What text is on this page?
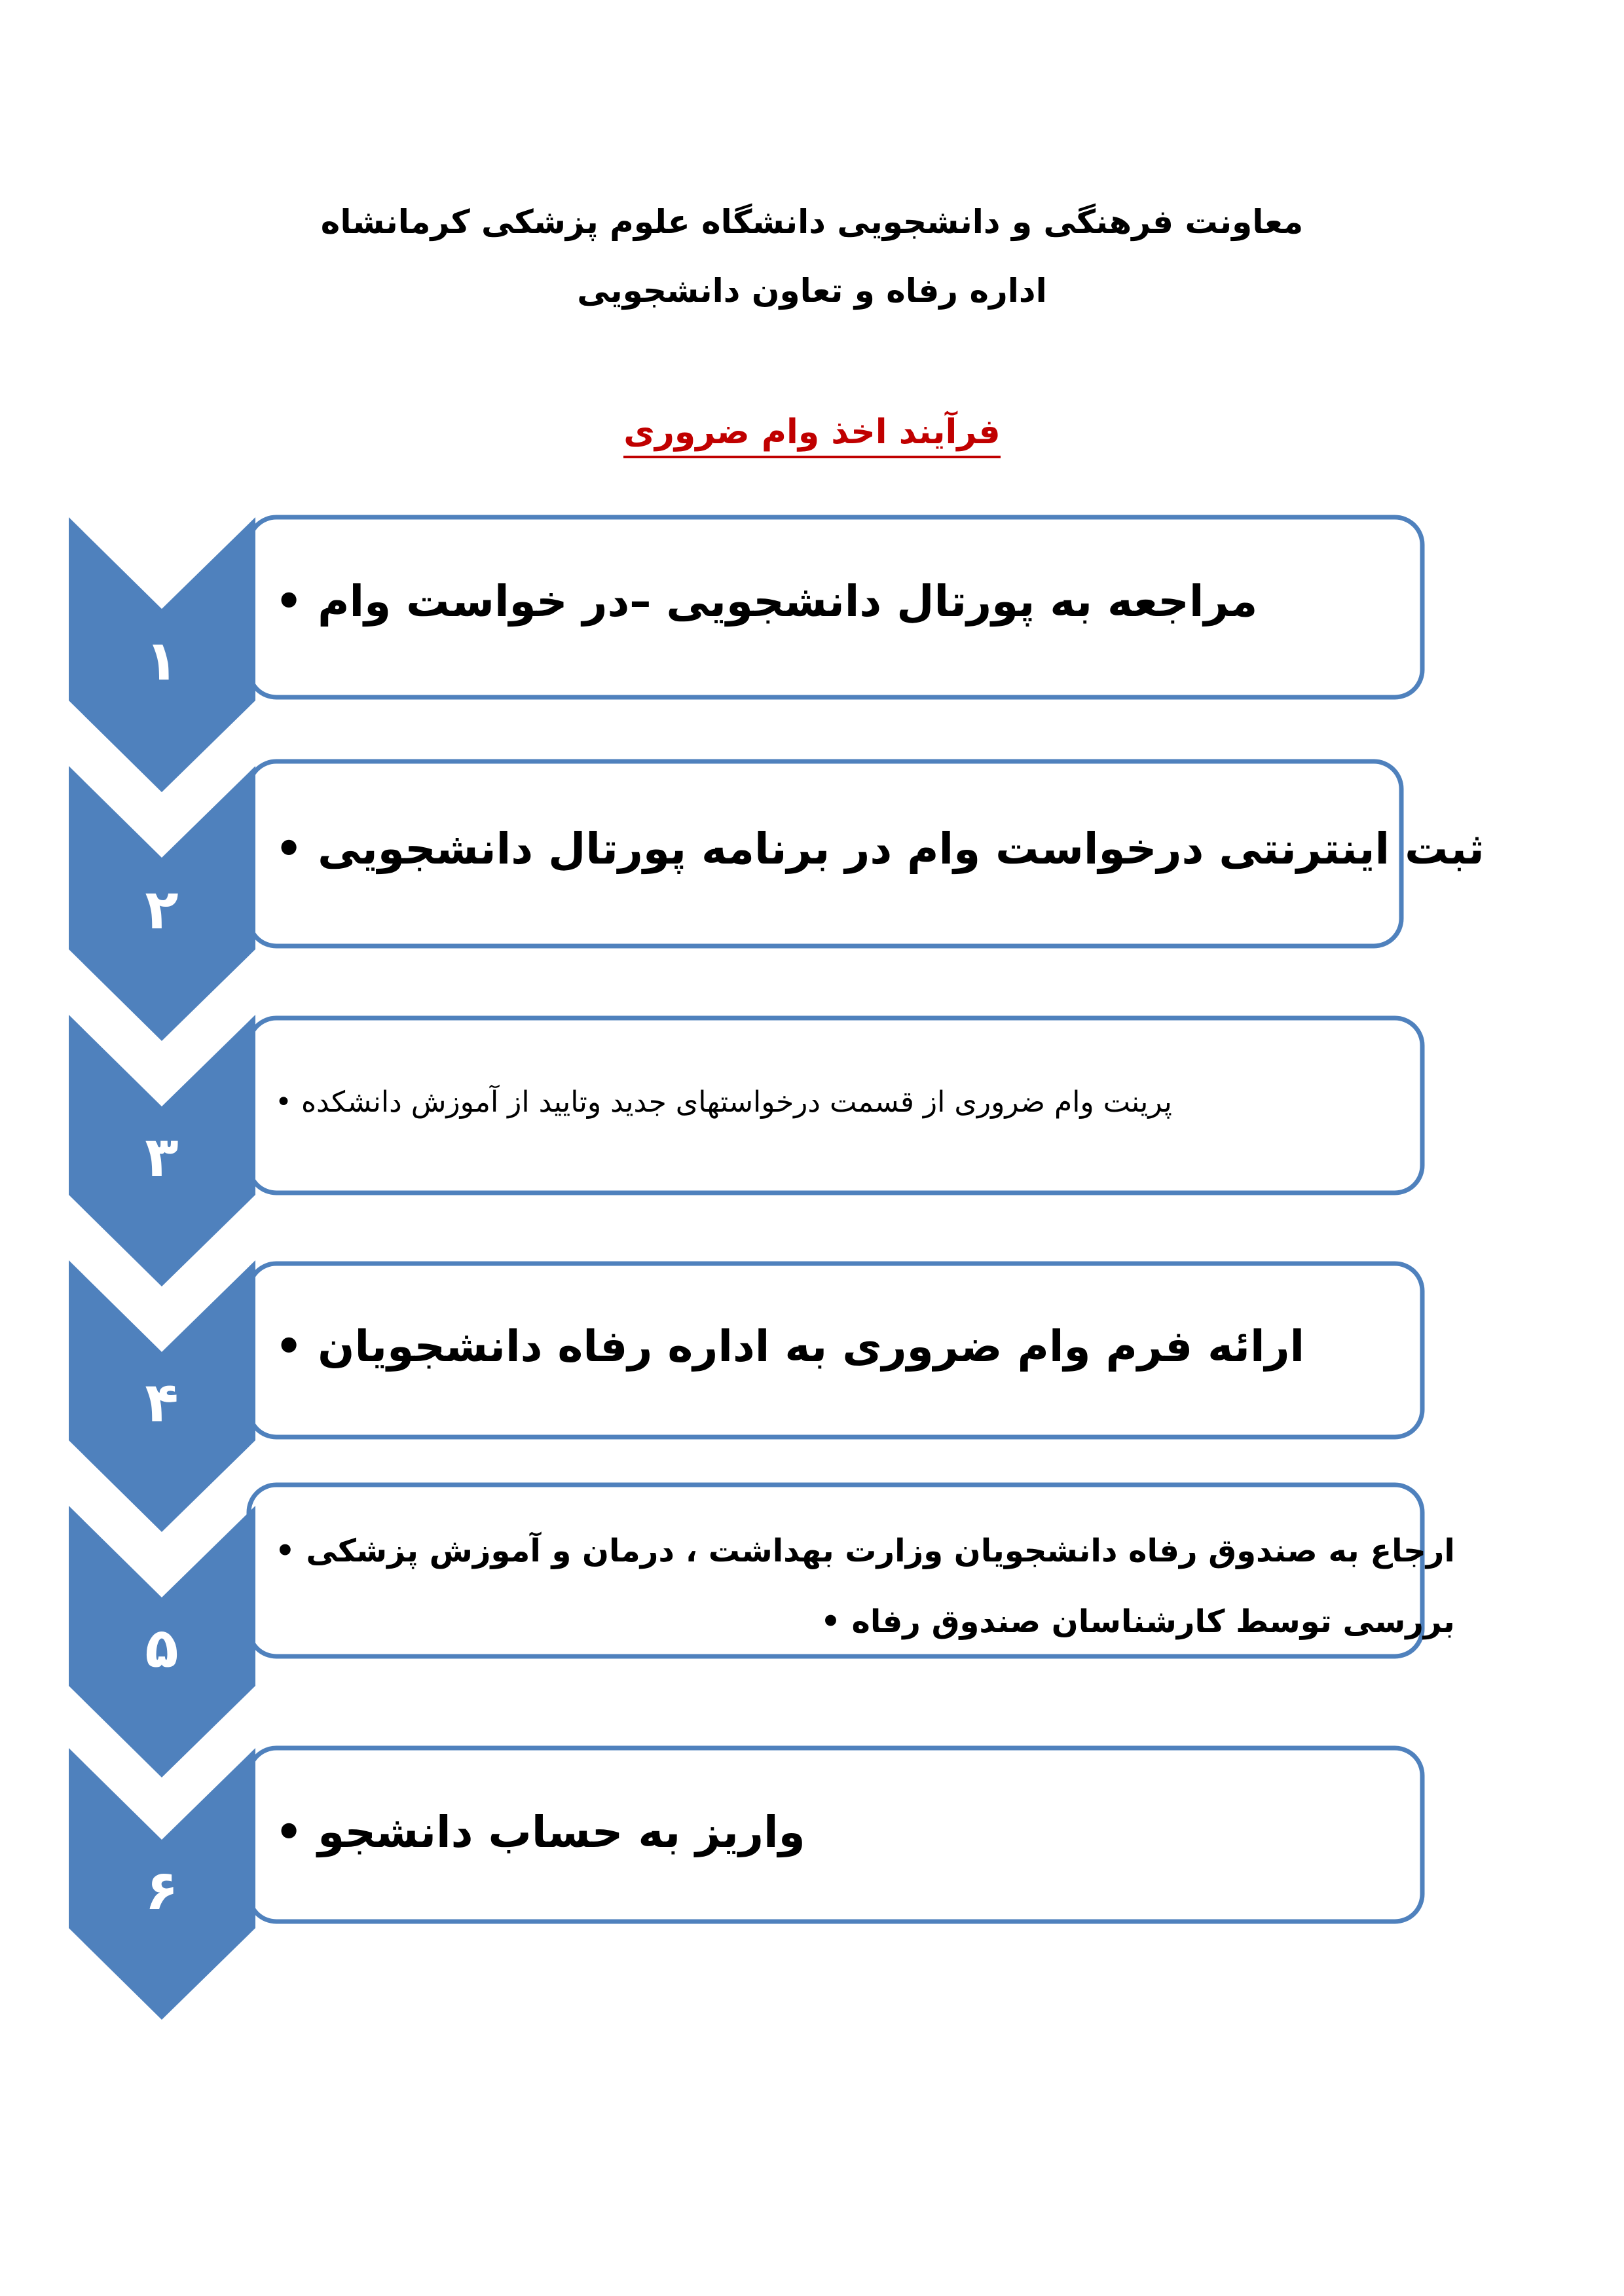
معاونت فرهنگی و دانشجویی دانشگاه علوم پزشکی کرمانشاه
اداره رفاه و تعاون دانشجویی
فرآیند اخذ وام ضروری
۱
مراجعه به پورتال دانشجویی –در خواست وام •
۲
ثبت اینترنتی درخواست وام در برنامه پورتال دانشجویی •
۳
پرینت وام ضروری از قسمت درخواستهای جدید وتایید از آموزش دانشکده •
۴
ارائه فرم وام ضروری به اداره رفاه دانشجویان •
۵
ارجاع به صندوق رفاه دانشجویان وزارت بهداشت ، درمان و آموزش پزشکی •
بررسی توسط کارشناسان صندوق رفاه •
۶
واریز به حساب دانشجو •
